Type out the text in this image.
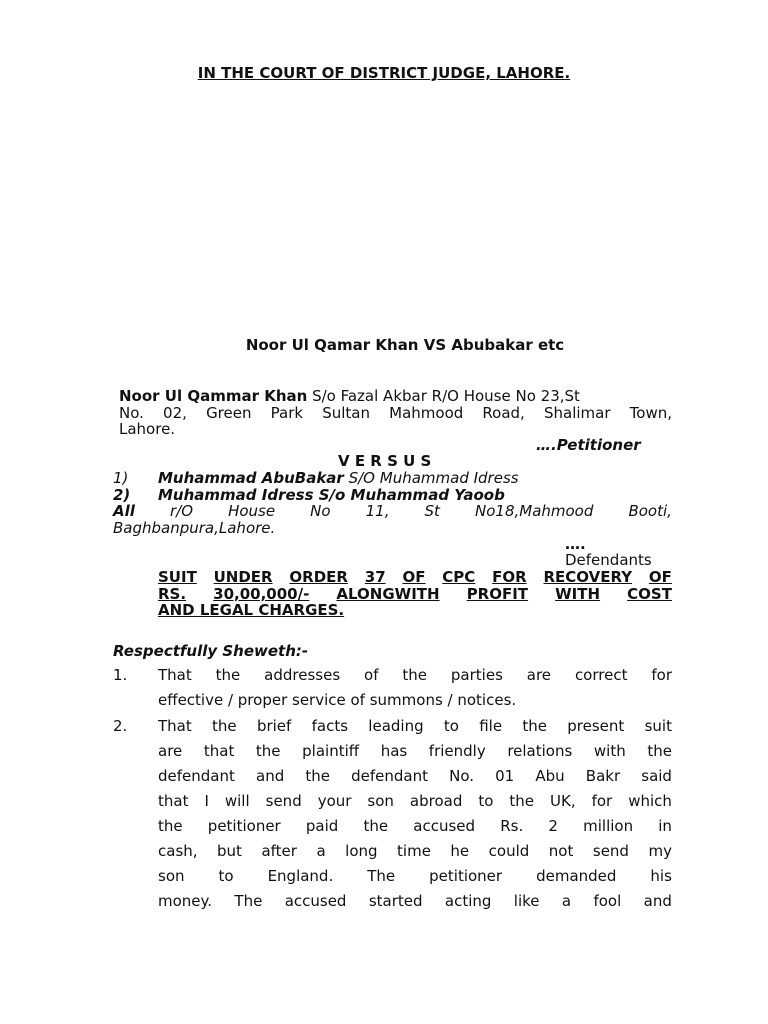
IN THE COURT OF DISTRICT JUDGE, LAHORE.
Noor Ul Qamar Khan VS Abubakar etc
Noor Ul Qammar Khan S/o Fazal Akbar R/O House No 23,St
No. 02, Green Park Sultan Mahmood Road, Shalimar Town,
Lahore.
….Petitioner
V E R S U S
1) Muhammad AbuBakar S/O Muhammad Idress
2) Muhammad Idress S/o Muhammad Yaoob
All r/O House No 11, St No18,Mahmood Booti,
Baghbanpura,Lahore.
….
Defendants
SUIT UNDER ORDER 37 OF CPC FOR RECOVERY OF
RS. 30,00,000/- ALONGWITH PROFIT WITH COST
AND LEGAL CHARGES.
Respectfully Sheweth:-
1. That the addresses of the parties are correct for
effective / proper service of summons / notices.
2. That the brief facts leading to file the present suit
are that the plaintiff has friendly relations with the
defendant and the defendant No. 01 Abu Bakr said
that I will send your son abroad to the UK, for which
the petitioner paid the accused Rs. 2 million in
cash, but after a long time he could not send my
son to England. The petitioner demanded his
money. The accused started acting like a fool and
